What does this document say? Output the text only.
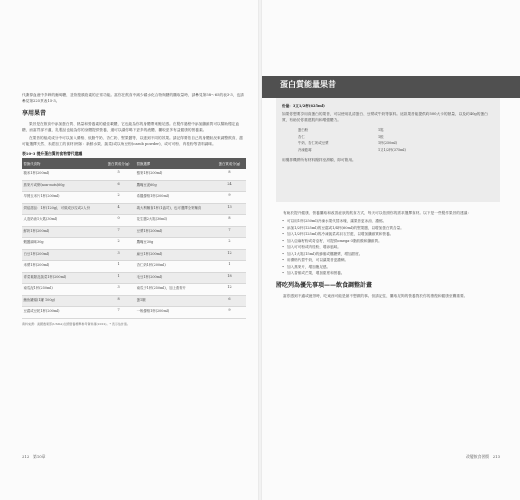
代謝掉血液中多餘的葡萄糖，並恢復胰島素的正常功能。當你在飲食中減少碳水化合物與糖的攝取量時，請參見第58～65的表3-3，也請參見第225頁表15-3。

享用果昔

果昔是在飲食中添加蛋白質、熱量和營養素的絕佳載體，它也能為你的身體帶來飽足感。在製作過程中添加纖維質可以幫助穩定血糖，而當胃部不適，乳製品也能為你的身體提供營養，還可以讓你喝下更多的液體、攝取更多有益健康的營養素。

在果昔的組成成分中可以加入優格、低脂牛奶、杏仁奶、堅果醬等，以達到不同的效果。請記得要依自己的身體狀況來調整飲食，盡可能選擇天然、未經加工的食材(例如：新鮮水果、蔬菜)或以角豆粉(carob powder)，或可可粉、肉桂粉等香料調味。

表10-3 提升蛋白質的食物替代建議
替換代食物	蛋白質成分(g)	替換選擇	蛋白質成分(g)
糙米1杯(200ml)	5	藜麥1杯(200ml)	8
燕麥片或粥(non-nuts)60g	6	鷹嘴豆泥60g	24
早餐玉米片1杯(200ml)	2	希臘優格1杯(200ml)	9
烘焙甜品：1杯(120g)，可做成沙拉或2人份	4	義大利麵食1杯(1盎司)，也可選擇全麥麵食	13
人造奶油1大匙(30ml)	0	花生醬2大匙(30ml)	8
鮮奶1杯(200ml)	7	豆漿1杯(200ml)	7
蝦醬調味30g	2	鷹嘴豆30g	2
白豆1杯(200ml)	3	扁豆1杯(200ml)	12
米漿1杯(200ml)	1	杏仁奶1杯(200ml)	1
青菜葉類及蔬菜1杯(200ml)	1	毛豆1杯(200ml)	18
南瓜泥1杯(250ml)	3	南瓜子1杯(250ml)，加上燕麥片	12
鮪魚罐頭(1罐 100g)	8	蛋1顆	6
豆腐或豆乾1杯(200ml)	7	一般優格1杯(200ml)	9
資料來源：美國農業部(USDA)全國營養標準參考資料庫(2012)。* 表示估計值。
212　第10章
蛋白質能量果昔
份量：3又1/2杯(625ml)

如果你想要享用高蛋白的果昔，可以使用乳清蛋白、豆漿或牛奶等原料。這款果昔能提供約500大卡的熱量，以及約40g的蛋白質，有助於你重建肌肉和增強體力。

蛋白粉	1匙
杏仁	1根
牛奶、杏仁奶或豆漿	1杯(250ml)
冷凍藍莓	1又1/2杯(375ml)

用攪拌機將所有材料攪拌至滑順，即可飲用。

有助於提升健康、營養攝取和改善症狀的飲食方式，每天可以依照你的需求選擇食材。以下是一些製作果昔的建議：

• 可以用1杯(250ml)冷凍水果代替冰塊，讓果昔更冰涼、濃郁。
• 添加1/2杯(125ml)的豆腐或1/4杯(60ml)的堅果醬，以增加蛋白質含量。
• 加入1/2杯(125ml)的冷凍菠菜或羽衣甘藍，以增加纖維質和營養。
• 加入亞麻籽粉或奇亞籽，可提供omega-3脂肪酸和纖維質。
• 加入可可粉或肉桂粉，增添風味。
• 加入1大匙(15ml)的蜂蜜或楓糖漿，增加甜度。
• 用優格代替牛奶，可以讓果昔更濃稠。
• 加入燕麥片，增加飽足感。
• 加入香蕉或芒果，增加甜度和營養。
將吃列為優先事項——飲食調整計畫

當你感到不適或疲勞時，吃東西可能是最不想做的事。但請記住，攝取足夠的營養對於你的康復和健康至關重要。

改變飲食習慣　213
